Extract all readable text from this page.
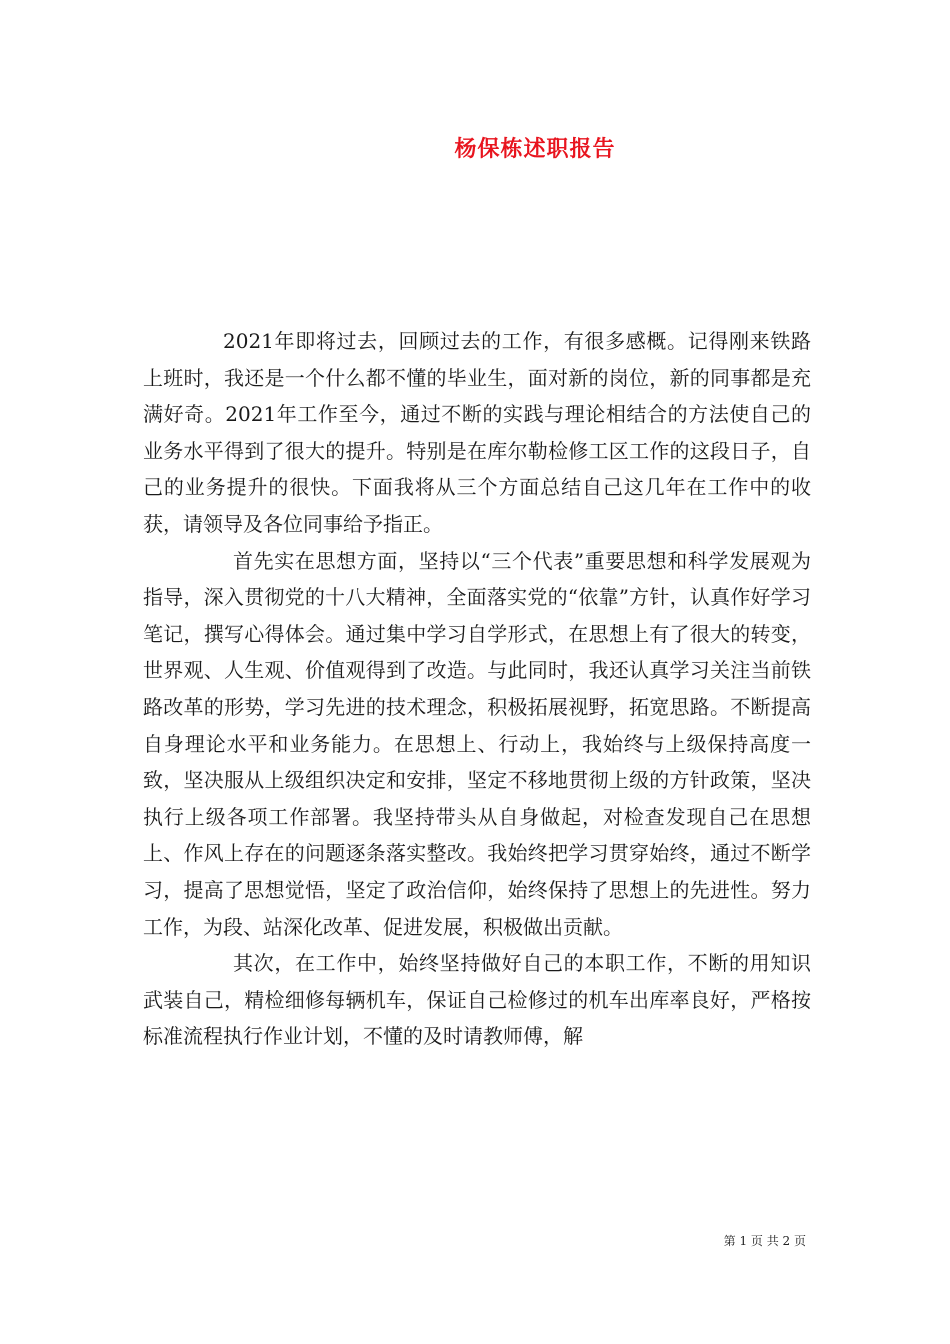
杨保栋述职报告

2021年即将过去，回顾过去的工作，有很多感概。记得刚来铁路上班时，我还是一个什么都不懂的毕业生，面对新的岗位，新的同事都是充满好奇。2021年工作至今，通过不断的实践与理论相结合的方法使自己的业务水平得到了很大的提升。特别是在库尔勒检修工区工作的这段日子，自己的业务提升的很快。下面我将从三个方面总结自己这几年在工作中的收获，请领导及各位同事给予指正。

首先实在思想方面，坚持以“三个代表”重要思想和科学发展观为指导，深入贯彻党的十八大精神，全面落实党的“依靠”方针，认真作好学习笔记，撰写心得体会。通过集中学习自学形式，在思想上有了很大的转变，世界观、人生观、价值观得到了改造。与此同时，我还认真学习关注当前铁路改革的形势，学习先进的技术理念，积极拓展视野，拓宽思路。不断提高自身理论水平和业务能力。在思想上、行动上，我始终与上级保持高度一致，坚决服从上级组织决定和安排，坚定不移地贯彻上级的方针政策，坚决执行上级各项工作部署。我坚持带头从自身做起，对检查发现自己在思想上、作风上存在的问题逐条落实整改。我始终把学习贯穿始终，通过不断学习，提高了思想觉悟，坚定了政治信仰，始终保持了思想上的先进性。努力工作，为段、站深化改革、促进发展，积极做出贡献。

其次，在工作中，始终坚持做好自己的本职工作，不断的用知识武装自己，精检细修每辆机车，保证自己检修过的机车出库率良好，严格按标准流程执行作业计划，不懂的及时请教师傅，解

第 1 页 共 2 页
